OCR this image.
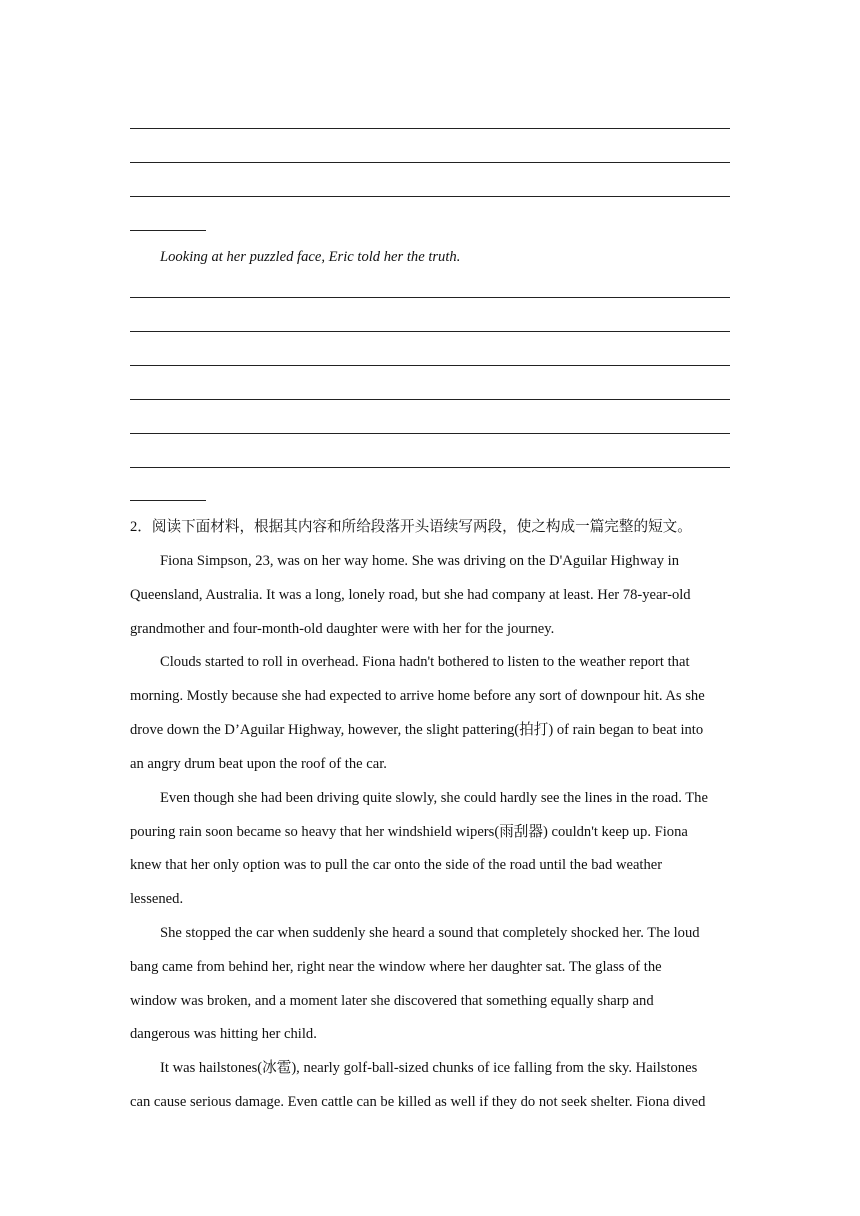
Looking at her puzzled face, Eric told her the truth.
2．阅读下面材料，根据其内容和所给段落开头语续写两段，使之构成一篇完整的短文。
Fiona Simpson, 23, was on her way home. She was driving on the D'Aguilar Highway in
Queensland, Australia. It was a long, lonely road, but she had company at least. Her 78-year-old
grandmother and four-month-old daughter were with her for the journey.
Clouds started to roll in overhead. Fiona hadn't bothered to listen to the weather report that
morning. Mostly because she had expected to arrive home before any sort of downpour hit. As she
drove down the D’Aguilar Highway, however, the slight pattering(拍打) of rain began to beat into
an angry drum beat upon the roof of the car.
Even though she had been driving quite slowly, she could hardly see the lines in the road. The
pouring rain soon became so heavy that her windshield wipers(雨刮器) couldn't keep up. Fiona
knew that her only option was to pull the car onto the side of the road until the bad weather
lessened.
She stopped the car when suddenly she heard a sound that completely shocked her. The loud
bang came from behind her, right near the window where her daughter sat. The glass of the
window was broken, and a moment later she discovered that something equally sharp and
dangerous was hitting her child.
It was hailstones(冰雹), nearly golf-ball-sized chunks of ice falling from the sky. Hailstones
can cause serious damage. Even cattle can be killed as well if they do not seek shelter. Fiona dived
